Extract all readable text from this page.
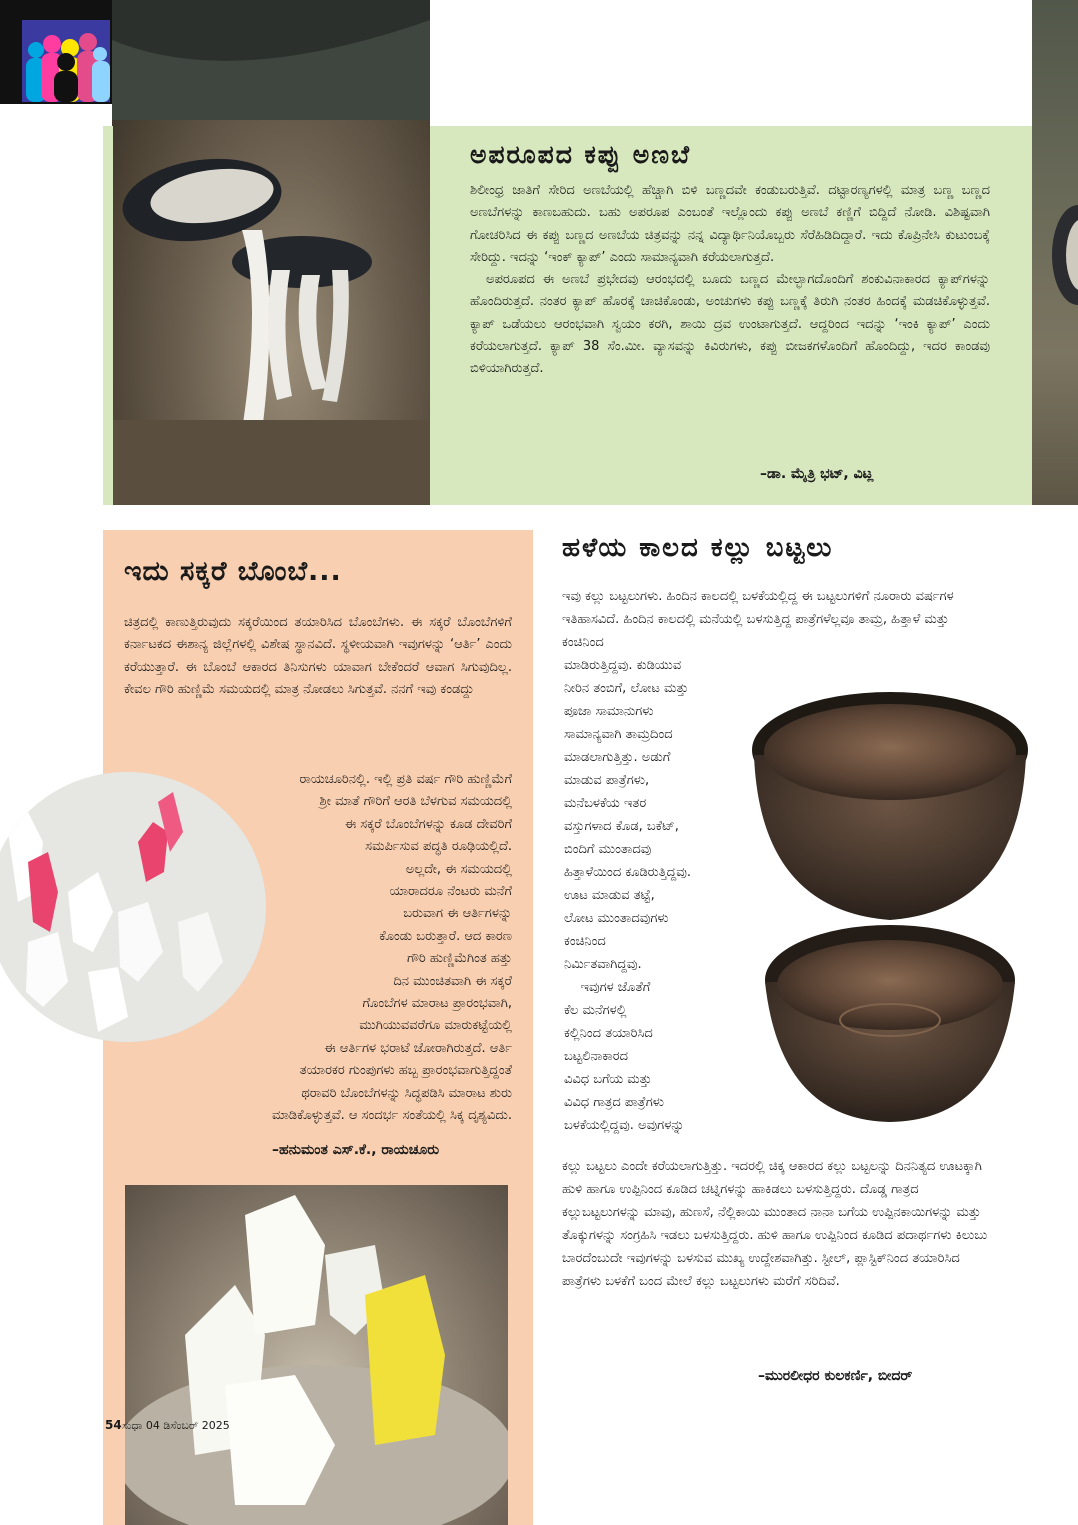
ಅಪರೂಪದ ಕಪ್ಪು ಅಣಬೆ

ಶಿಲೀಂಧ್ರ ಜಾತಿಗೆ ಸೇರಿದ ಅಣಬೆಯಲ್ಲಿ ಹೆಚ್ಚಾಗಿ ಬಿಳಿ ಬಣ್ಣದವೇ ಕಂಡುಬರುತ್ತಿವೆ. ದಟ್ಟಾರಣ್ಯಗಳಲ್ಲಿ ಮಾತ್ರ ಬಣ್ಣ ಬಣ್ಣದ ಅಣಬೆಗಳನ್ನು ಕಾಣಬಹುದು. ಬಹು ಅಪರೂಪ ಎಂಬಂತೆ ಇಲ್ಲೊಂದು ಕಪ್ಪು ಅಣಬೆ ಕಣ್ಣಿಗೆ ಬಿದ್ದಿದೆ ನೋಡಿ. ವಿಶಿಷ್ಟವಾಗಿ ಗೋಚರಿಸಿದ ಈ ಕಪ್ಪು ಬಣ್ಣದ ಅಣಬೆಯ ಚಿತ್ರವನ್ನು ನನ್ನ ವಿದ್ಯಾರ್ಥಿನಿಯೊಬ್ಬರು ಸೆರೆಹಿಡಿದಿದ್ದಾರೆ. ಇದು ಕೊಪ್ರಿನೇಸಿ ಕುಟುಂಬಕ್ಕೆ ಸೇರಿದ್ದು. ಇದನ್ನು ‘ಇಂಕ್ ಕ್ಯಾಪ್’ ಎಂದು ಸಾಮಾನ್ಯವಾಗಿ ಕರೆಯಲಾಗುತ್ತದೆ.

ಅಪರೂಪದ ಈ ಅಣಬೆ ಪ್ರಭೇದವು ಆರಂಭದಲ್ಲಿ ಬೂದು ಬಣ್ಣದ ಮೇಲ್ಭಾಗದೊಂದಿಗೆ ಶಂಕುವಿನಾಕಾರದ ಕ್ಯಾಪ್‌ಗಳನ್ನು ಹೊಂದಿರುತ್ತದೆ. ನಂತರ ಕ್ಯಾಪ್ ಹೊರಕ್ಕೆ ಚಾಚಿಕೊಂಡು, ಅಂಚುಗಳು ಕಪ್ಪು ಬಣ್ಣಕ್ಕೆ ತಿರುಗಿ ನಂತರ ಹಿಂದಕ್ಕೆ ಮಡಚಿಕೊಳ್ಳುತ್ತವೆ. ಕ್ಯಾಪ್ ಒಡೆಯಲು ಆರಂಭವಾಗಿ ಸ್ವಯಂ ಕರಗಿ, ಶಾಯಿ ದ್ರವ ಉಂಟಾಗುತ್ತದೆ. ಆದ್ದರಿಂದ ಇದನ್ನು ‘ಇಂಕಿ ಕ್ಯಾಪ್’ ಎಂದು ಕರೆಯಲಾಗುತ್ತದೆ. ಕ್ಯಾಪ್ 38 ಸೆಂ.ಮೀ. ವ್ಯಾಸವನ್ನು ಕಿವಿರುಗಳು, ಕಪ್ಪು ಬೀಜಕಗಳೊಂದಿಗೆ ಹೊಂದಿದ್ದು, ಇದರ ಕಾಂಡವು ಬಿಳಿಯಾಗಿರುತ್ತದೆ.

–ಡಾ. ಮೈತ್ರಿ ಭಟ್, ವಿಟ್ಲ
ಇದು ಸಕ್ಕರೆ ಬೊಂಬೆ...
ಚಿತ್ರದಲ್ಲಿ ಕಾಣುತ್ತಿರುವುದು ಸಕ್ಕರೆಯಿಂದ ತಯಾರಿಸಿದ ಬೊಂಬೆಗಳು. ಈ ಸಕ್ಕರೆ ಬೊಂಬೆಗಳಿಗೆ ಕರ್ನಾಟಕದ ಈಶಾನ್ಯ ಜಿಲ್ಲೆಗಳಲ್ಲಿ ವಿಶೇಷ ಸ್ಥಾನವಿದೆ. ಸ್ಥಳೀಯವಾಗಿ ಇವುಗಳನ್ನು ‘ಆರ್ತಿ’ ಎಂದು ಕರೆಯುತ್ತಾರೆ. ಈ ಬೊಂಬೆ ಆಕಾರದ ತಿನಿಸುಗಳು ಯಾವಾಗ ಬೇಕೆಂದರೆ ಆವಾಗ ಸಿಗುವುದಿಲ್ಲ. ಕೇವಲ ಗೌರಿ ಹುಣ್ಣಿಮೆ ಸಮಯದಲ್ಲಿ ಮಾತ್ರ ನೋಡಲು ಸಿಗುತ್ತವೆ. ನನಗೆ ಇವು ಕಂಡದ್ದು
ರಾಯಚೂರಿನಲ್ಲಿ. ಇಲ್ಲಿ ಪ್ರತಿ ವರ್ಷ ಗೌರಿ ಹುಣ್ಣಿಮೆಗೆ
ಶ್ರೀ ಮಾತೆ ಗೌರಿಗೆ ಆರತಿ ಬೆಳಗುವ ಸಮಯದಲ್ಲಿ
ಈ ಸಕ್ಕರೆ ಬೊಂಬೆಗಳನ್ನು ಕೂಡ ದೇವರಿಗೆ
ಸಮರ್ಪಿಸುವ ಪದ್ಧತಿ ರೂಢಿಯಲ್ಲಿದೆ.
ಅಲ್ಲದೇ, ಈ ಸಮಯದಲ್ಲಿ
ಯಾರಾದರೂ ನೆಂಟರು ಮನೆಗೆ
ಬರುವಾಗ ಈ ಆರ್ತಿಗಳನ್ನು
ಕೊಂಡು ಬರುತ್ತಾರೆ. ಆದ ಕಾರಣ
ಗೌರಿ ಹುಣ್ಣಿಮೆಗಿಂತ ಹತ್ತು
ದಿನ ಮುಂಚಿತವಾಗಿ ಈ ಸಕ್ಕರೆ
ಗೊಂಬೆಗಳ ಮಾರಾಟ ಪ್ರಾರಂಭವಾಗಿ,
ಮುಗಿಯುವವರೆಗೂ ಮಾರುಕಟ್ಟೆಯಲ್ಲಿ
ಈ ಆರ್ತಿಗಳ ಭರಾಟೆ ಜೋರಾಗಿರುತ್ತದೆ. ಆರ್ತಿ
ತಯಾರಕರ ಗುಂಪುಗಳು ಹಬ್ಬ ಪ್ರಾರಂಭವಾಗುತ್ತಿದ್ದಂತೆ
ಥರಾವರಿ ಬೊಂಬೆಗಳನ್ನು ಸಿದ್ಧಪಡಿಸಿ ಮಾರಾಟ ಶುರು
ಮಾಡಿಕೊಳ್ಳುತ್ತವೆ. ಆ ಸಂದರ್ಭ ಸಂತೆಯಲ್ಲಿ ಸಿಕ್ಕ ದೃಶ್ಯವಿದು.
–ಹನುಮಂತ ಎಸ್.ಕೆ., ರಾಯಚೂರು
54 ಸುಧಾ 04 ಡಿಸೆಂಬರ್ 2025
ಹಳೆಯ ಕಾಲದ ಕಲ್ಲು ಬಟ್ಟಲು
ಇವು ಕಲ್ಲು ಬಟ್ಟಲುಗಳು. ಹಿಂದಿನ ಕಾಲದಲ್ಲಿ ಬಳಕೆಯಲ್ಲಿದ್ದ ಈ ಬಟ್ಟಲುಗಳಿಗೆ ನೂರಾರು ವರ್ಷಗಳ ಇತಿಹಾಸವಿದೆ. ಹಿಂದಿನ ಕಾಲದಲ್ಲಿ ಮನೆಯಲ್ಲಿ ಬಳಸುತ್ತಿದ್ದ ಪಾತ್ರೆಗಳೆಲ್ಲವೂ ತಾಮ್ರ, ಹಿತ್ತಾಳೆ ಮತ್ತು ಕಂಚಿನಿಂದ
ಮಾಡಿರುತ್ತಿದ್ದವು. ಕುಡಿಯುವ
ನೀರಿನ ತಂಬಿಗೆ, ಲೋಟ ಮತ್ತು
ಪೂಜಾ ಸಾಮಾನುಗಳು
ಸಾಮಾನ್ಯವಾಗಿ ತಾಮ್ರದಿಂದ
ಮಾಡಲಾಗುತ್ತಿತ್ತು. ಅಡುಗೆ
ಮಾಡುವ ಪಾತ್ರೆಗಳು,
ಮನೆಬಳಕೆಯ ಇತರ
ವಸ್ತುಗಳಾದ ಕೊಡ, ಬಕೆಟ್,
ಬಿಂದಿಗೆ ಮುಂತಾದವು
ಹಿತ್ತಾಳೆಯಿಂದ ಕೂಡಿರುತ್ತಿದ್ದವು.
ಊಟ ಮಾಡುವ ತಟ್ಟೆ,
ಲೋಟ ಮುಂತಾದವುಗಳು
ಕಂಚಿನಿಂದ
ನಿರ್ಮಿತವಾಗಿದ್ದವು.
ಇವುಗಳ ಜೊತೆಗೆ
ಕೆಲ ಮನೆಗಳಲ್ಲಿ
ಕಲ್ಲಿನಿಂದ ತಯಾರಿಸಿದ
ಬಟ್ಟಲಿನಾಕಾರದ
ವಿವಿಧ ಬಗೆಯ ಮತ್ತು
ವಿವಿಧ ಗಾತ್ರದ ಪಾತ್ರೆಗಳು
ಬಳಕೆಯಲ್ಲಿದ್ದವು. ಅವುಗಳನ್ನು
ಕಲ್ಲು ಬಟ್ಟಲು ಎಂದೇ ಕರೆಯಲಾಗುತ್ತಿತ್ತು. ಇದರಲ್ಲಿ ಚಿಕ್ಕ ಆಕಾರದ ಕಲ್ಲು ಬಟ್ಟಲನ್ನು ದಿನನಿತ್ಯದ ಊಟಕ್ಕಾಗಿ ಹುಳಿ ಹಾಗೂ ಉಪ್ಪಿನಿಂದ ಕೂಡಿದ ಚಟ್ನಿಗಳನ್ನು ಹಾಕಿಡಲು ಬಳಸುತ್ತಿದ್ದರು. ದೊಡ್ಡ ಗಾತ್ರದ ಕಲ್ಲುಬಟ್ಟಲುಗಳನ್ನು ಮಾವು, ಹುಣಸೆ, ನೆಲ್ಲಿಕಾಯಿ ಮುಂತಾದ ನಾನಾ ಬಗೆಯ ಉಪ್ಪಿನಕಾಯಿಗಳನ್ನು ಮತ್ತು ತೊಕ್ಕುಗಳನ್ನು ಸಂಗ್ರಹಿಸಿ ಇಡಲು ಬಳಸುತ್ತಿದ್ದರು. ಹುಳಿ ಹಾಗೂ ಉಪ್ಪಿನಿಂದ ಕೂಡಿದ ಪದಾರ್ಥಗಳು ಕಿಲುಬು ಬಾರದೆಂಬುದೇ ಇವುಗಳನ್ನು ಬಳಸುವ ಮುಖ್ಯ ಉದ್ದೇಶವಾಗಿತ್ತು. ಸ್ಟೀಲ್, ಪ್ಲಾಸ್ಟಿಕ್‌ನಿಂದ ತಯಾರಿಸಿದ ಪಾತ್ರೆಗಳು ಬಳಕೆಗೆ ಬಂದ ಮೇಲೆ ಕಲ್ಲು ಬಟ್ಟಲುಗಳು ಮರೆಗೆ ಸರಿದಿವೆ.
–ಮುರಲೀಧರ ಕುಲಕರ್ಣಿ, ಬೀದರ್
